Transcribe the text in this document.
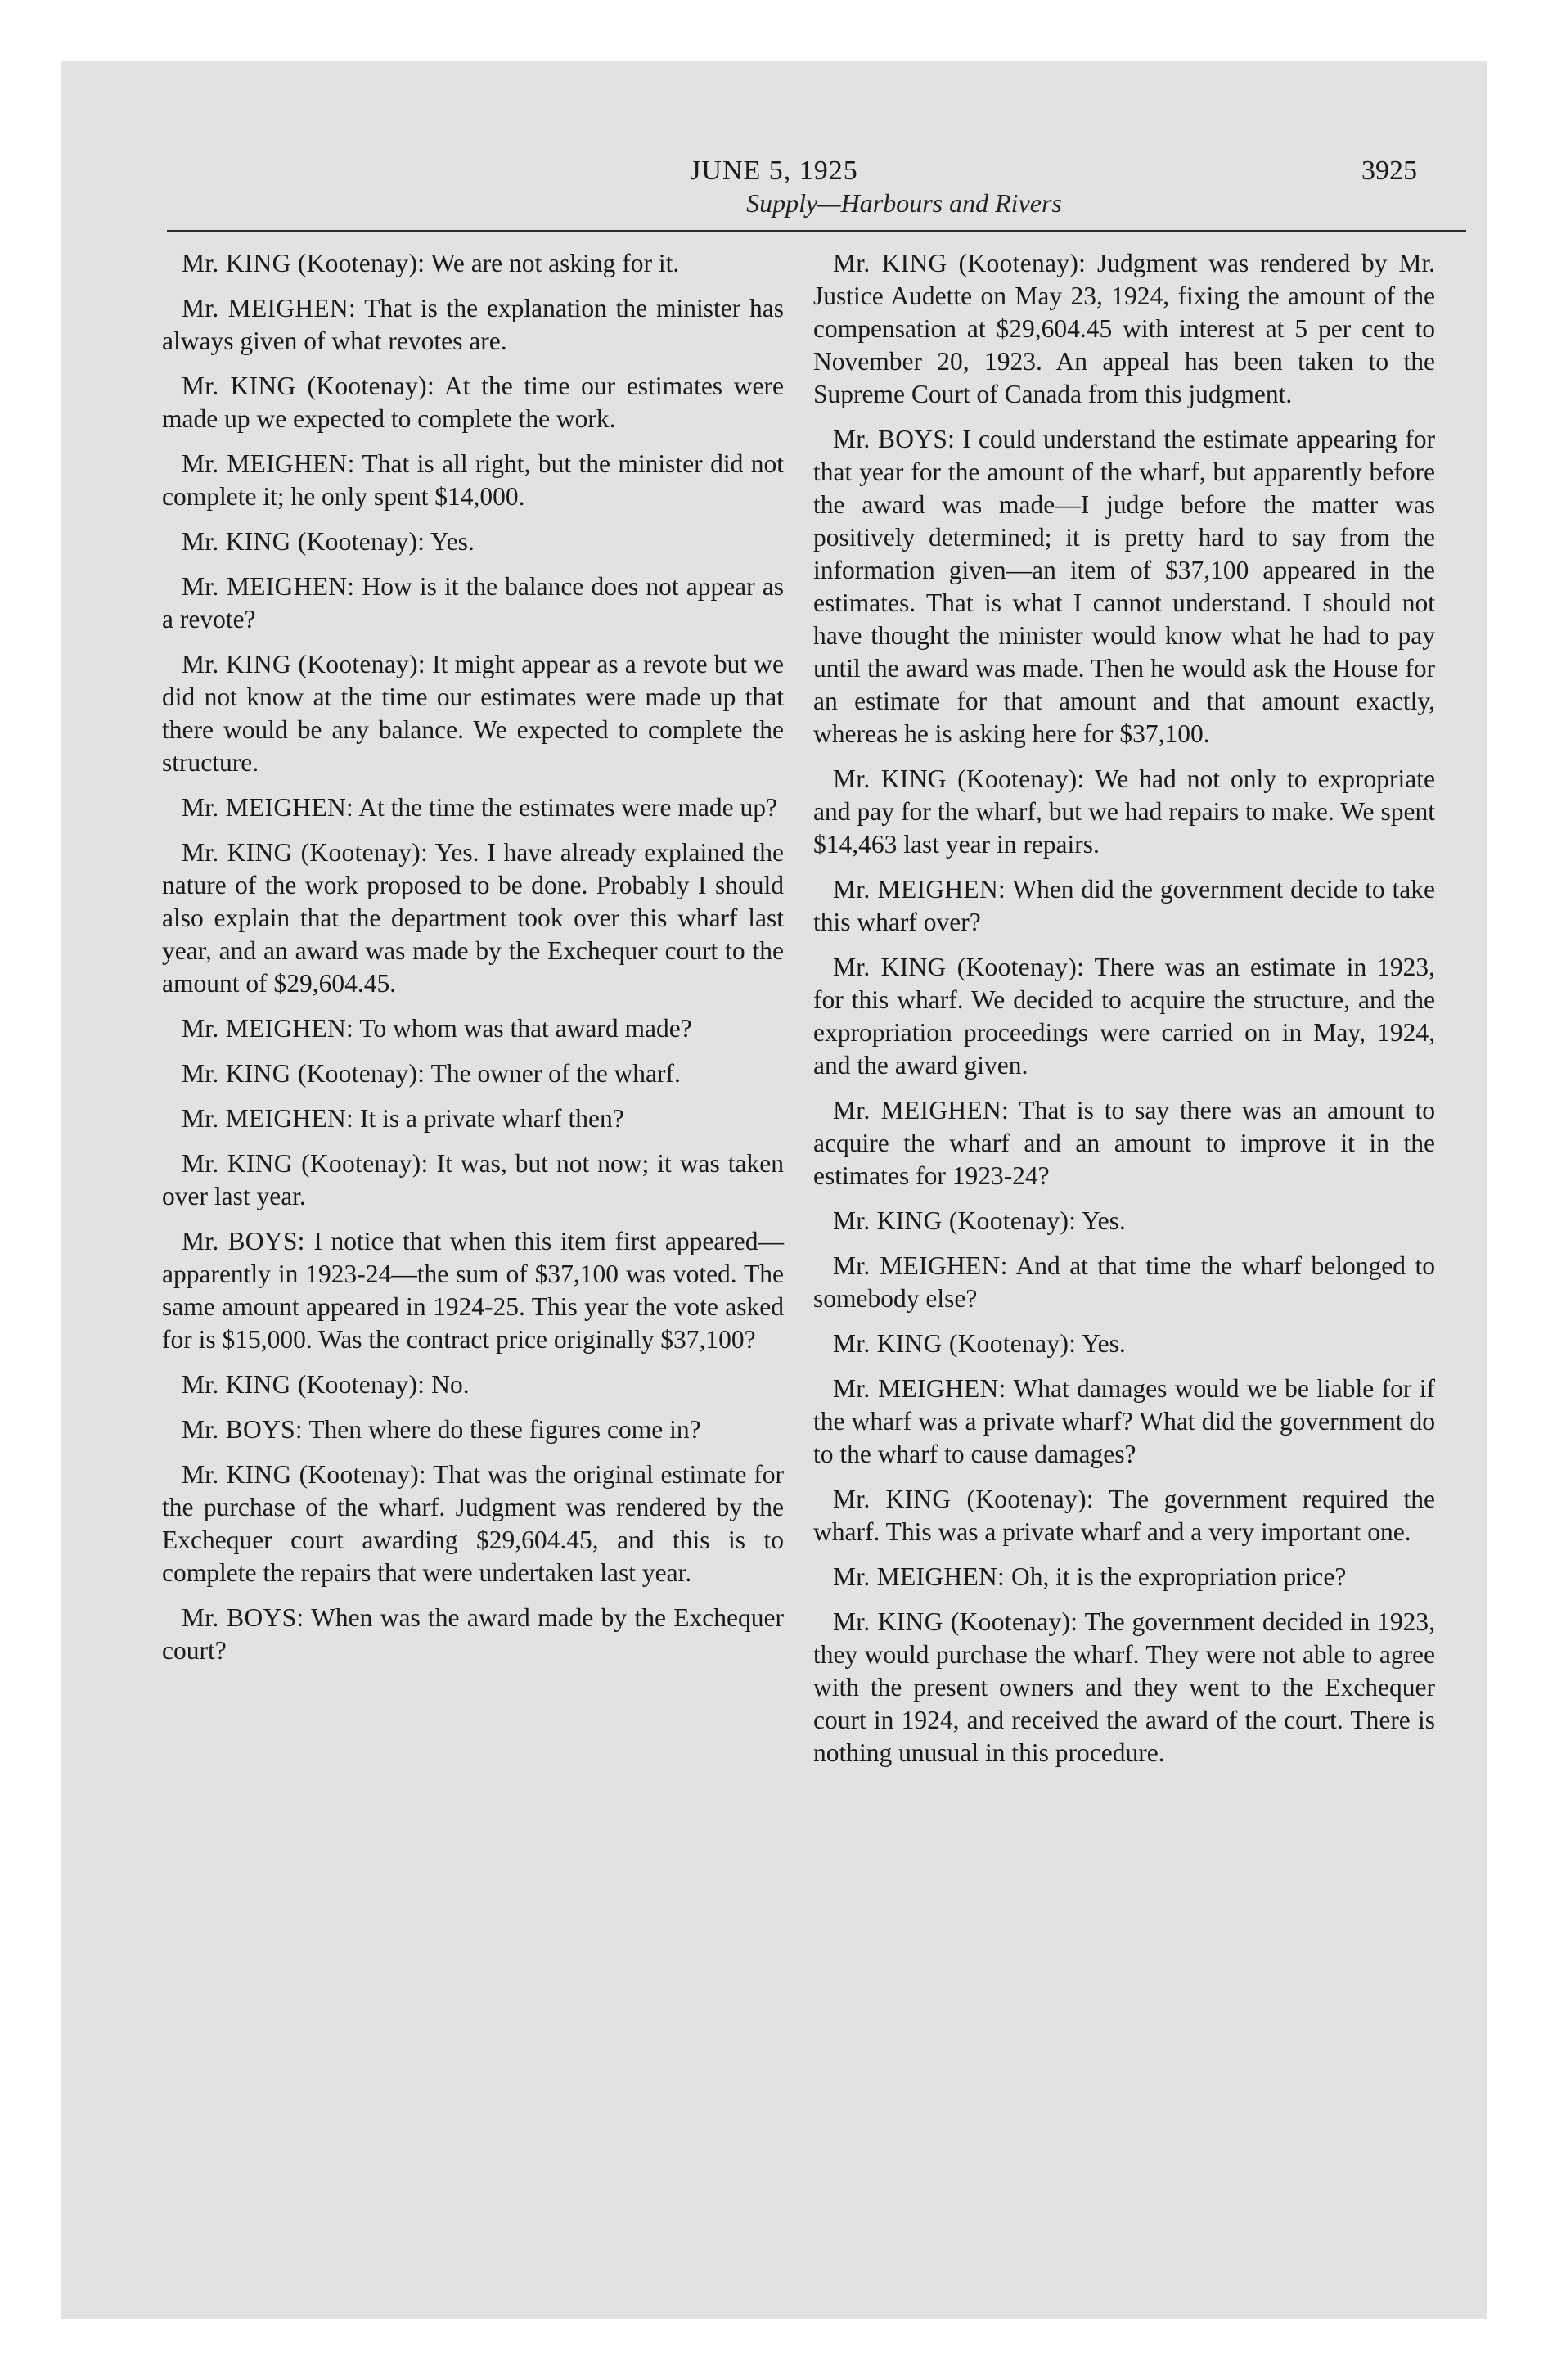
JUNE 5, 1925	3925
Supply—Harbours and Rivers

Mr. KING (Kootenay): We are not asking for it.

Mr. MEIGHEN: That is the explanation the minister has always given of what revotes are.

Mr. KING (Kootenay): At the time our estimates were made up we expected to complete the work.

Mr. MEIGHEN: That is all right, but the minister did not complete it; he only spent $14,000.

Mr. KING (Kootenay): Yes.

Mr. MEIGHEN: How is it the balance does not appear as a revote?

Mr. KING (Kootenay): It might appear as a revote but we did not know at the time our estimates were made up that there would be any balance. We expected to complete the structure.

Mr. MEIGHEN: At the time the estimates were made up?

Mr. KING (Kootenay): Yes. I have already explained the nature of the work proposed to be done. Probably I should also explain that the department took over this wharf last year, and an award was made by the Exchequer court to the amount of $29,604.45.

Mr. MEIGHEN: To whom was that award made?

Mr. KING (Kootenay): The owner of the wharf.

Mr. MEIGHEN: It is a private wharf then?

Mr. KING (Kootenay): It was, but not now; it was taken over last year.

Mr. BOYS: I notice that when this item first appeared—apparently in 1923-24—the sum of $37,100 was voted. The same amount appeared in 1924-25. This year the vote asked for is $15,000. Was the contract price originally $37,100?

Mr. KING (Kootenay): No.

Mr. BOYS: Then where do these figures come in?

Mr. KING (Kootenay): That was the original estimate for the purchase of the wharf. Judgment was rendered by the Exchequer court awarding $29,604.45, and this is to complete the repairs that were undertaken last year.

Mr. BOYS: When was the award made by the Exchequer court?

Mr. KING (Kootenay): Judgment was rendered by Mr. Justice Audette on May 23, 1924, fixing the amount of the compensation at $29,604.45 with interest at 5 per cent to November 20, 1923. An appeal has been taken to the Supreme Court of Canada from this judgment.

Mr. BOYS: I could understand the estimate appearing for that year for the amount of the wharf, but apparently before the award was made—I judge before the matter was positively determined; it is pretty hard to say from the information given—an item of $37,100 appeared in the estimates. That is what I cannot understand. I should not have thought the minister would know what he had to pay until the award was made. Then he would ask the House for an estimate for that amount and that amount exactly, whereas he is asking here for $37,100.

Mr. KING (Kootenay): We had not only to expropriate and pay for the wharf, but we had repairs to make. We spent $14,463 last year in repairs.

Mr. MEIGHEN: When did the government decide to take this wharf over?

Mr. KING (Kootenay): There was an estimate in 1923, for this wharf. We decided to acquire the structure, and the expropriation proceedings were carried on in May, 1924, and the award given.

Mr. MEIGHEN: That is to say there was an amount to acquire the wharf and an amount to improve it in the estimates for 1923-24?

Mr. KING (Kootenay): Yes.

Mr. MEIGHEN: And at that time the wharf belonged to somebody else?

Mr. KING (Kootenay): Yes.

Mr. MEIGHEN: What damages would we be liable for if the wharf was a private wharf? What did the government do to the wharf to cause damages?

Mr. KING (Kootenay): The government required the wharf. This was a private wharf and a very important one.

Mr. MEIGHEN: Oh, it is the expropriation price?

Mr. KING (Kootenay): The government decided in 1923, they would purchase the wharf. They were not able to agree with the present owners and they went to the Exchequer court in 1924, and received the award of the court. There is nothing unusual in this procedure.
